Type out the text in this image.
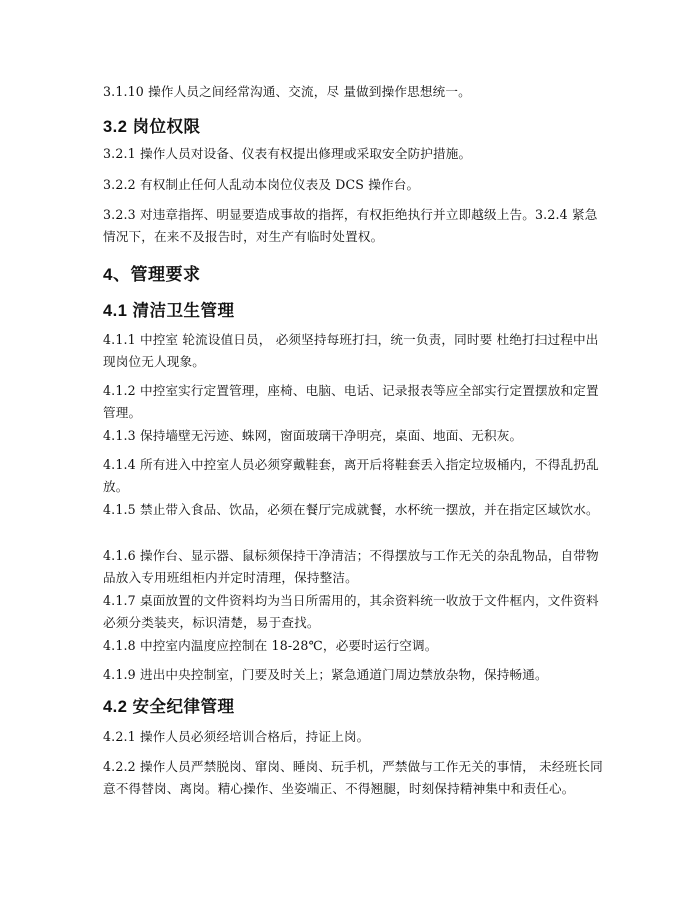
3.1.10 操作人员之间经常沟通、交流，尽 量做到操作思想统一。

3.2 岗位权限

3.2.1 操作人员对设备、仪表有权提出修理或采取安全防护措施。

3.2.2 有权制止任何人乱动本岗位仪表及 DCS 操作台。

3.2.3 对违章指挥、明显要造成事故的指挥，有权拒绝执行并立即越级上告。3.2.4 紧急情况下，在来不及报告时，对生产有临时处置权。

4、管理要求
4.1 清洁卫生管理

4.1.1 中控室 轮流设值日员， 必须坚持每班打扫，统一负责，同时要 杜绝打扫过程中出现岗位无人现象。

4.1.2 中控室实行定置管理，座椅、电脑、电话、记录报表等应全部实行定置摆放和定置管理。

4.1.3 保持墙壁无污迹、蛛网，窗面玻璃干净明亮，桌面、地面、无积灰。

4.1.4 所有进入中控室人员必须穿戴鞋套，离开后将鞋套丢入指定垃圾桶内，不得乱扔乱放。

4.1.5 禁止带入食品、饮品，必须在餐厅完成就餐，水杯统一摆放，并在指定区域饮水。

4.1.6 操作台、显示器、鼠标须保持干净清洁；不得摆放与工作无关的杂乱物品，自带物品放入专用班组柜内并定时清理，保持整洁。

4.1.7 桌面放置的文件资料均为当日所需用的，其余资料统一收放于文件框内，文件资料必须分类装夹，标识清楚，易于查找。

4.1.8 中控室内温度应控制在 18-28℃，必要时运行空调。

4.1.9 进出中央控制室，门要及时关上；紧急通道门周边禁放杂物，保持畅通。

4.2 安全纪律管理

4.2.1 操作人员必须经培训合格后，持证上岗。

4.2.2 操作人员严禁脱岗、窜岗、睡岗、玩手机，严禁做与工作无关的事情， 未经班长同意不得替岗、离岗。精心操作、坐姿端正、不得翘腿，时刻保持精神集中和责任心。
